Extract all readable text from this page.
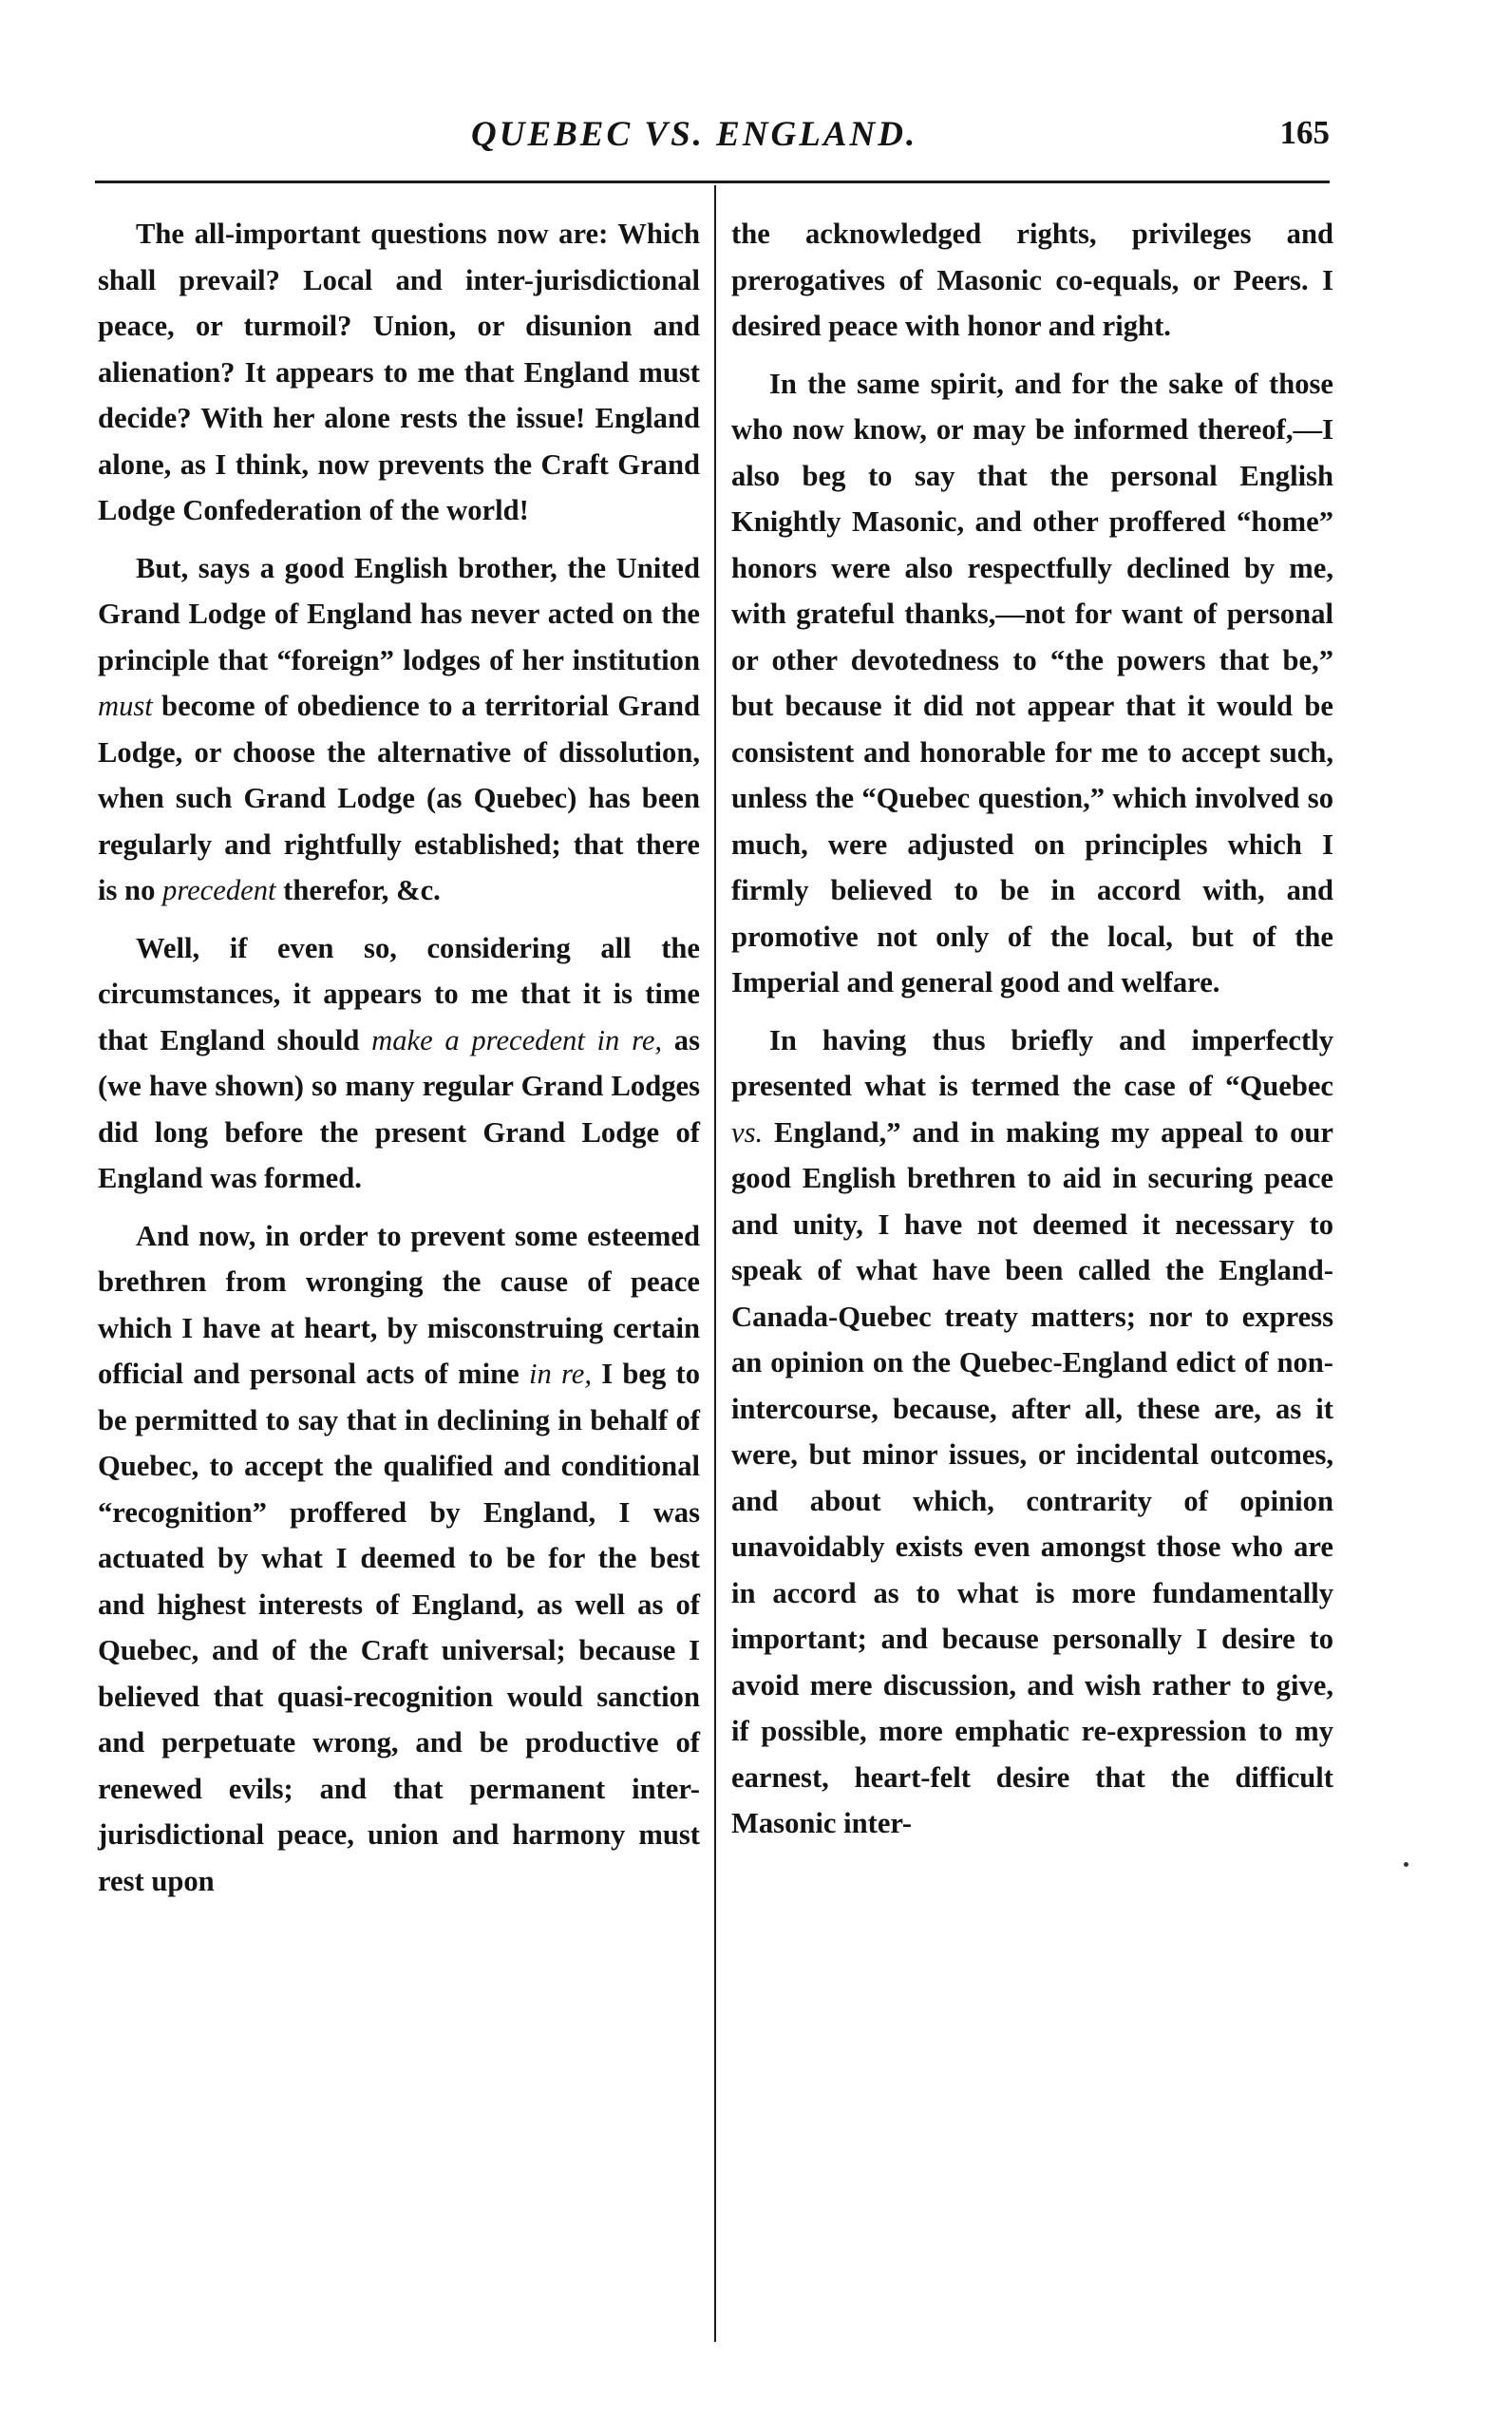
QUEBEC VS. ENGLAND.	165

The all-important questions now are: Which shall prevail? Local and inter-jurisdictional peace, or turmoil? Union, or disunion and alienation? It appears to me that England must decide? With her alone rests the issue! England alone, as I think, now prevents the Craft Grand Lodge Confederation of the world!

But, says a good English brother, the United Grand Lodge of England has never acted on the principle that “foreign” lodges of her institution must become of obedience to a territorial Grand Lodge, or choose the alternative of dissolution, when such Grand Lodge (as Quebec) has been regularly and rightfully established; that there is no precedent therefor, &c.

Well, if even so, considering all the circumstances, it appears to me that it is time that England should make a precedent in re, as (we have shown) so many regular Grand Lodges did long before the present Grand Lodge of England was formed.

And now, in order to prevent some esteemed brethren from wronging the cause of peace which I have at heart, by misconstruing certain official and personal acts of mine in re, I beg to be permitted to say that in declining in behalf of Quebec, to accept the qualified and conditional “recognition” proffered by England, I was actuated by what I deemed to be for the best and highest interests of England, as well as of Quebec, and of the Craft universal; because I believed that quasi-recognition would sanction and perpetuate wrong, and be productive of renewed evils; and that permanent inter-jurisdictional peace, union and harmony must rest upon

the acknowledged rights, privileges and prerogatives of Masonic co-equals, or Peers. I desired peace with honor and right.

In the same spirit, and for the sake of those who now know, or may be informed thereof,—I also beg to say that the personal English Knightly Masonic, and other proffered “home” honors were also respectfully declined by me, with grateful thanks,—not for want of personal or other devotedness to “the powers that be,” but because it did not appear that it would be consistent and honorable for me to accept such, unless the “Quebec question,” which involved so much, were adjusted on principles which I firmly believed to be in accord with, and promotive not only of the local, but of the Imperial and general good and welfare.

In having thus briefly and imperfectly presented what is termed the case of “Quebec vs. England,” and in making my appeal to our good English brethren to aid in securing peace and unity, I have not deemed it necessary to speak of what have been called the England-Canada-Quebec treaty matters; nor to express an opinion on the Quebec-England edict of non-intercourse, because, after all, these are, as it were, but minor issues, or incidental outcomes, and about which, contrarity of opinion unavoidably exists even amongst those who are in accord as to what is more fundamentally important; and because personally I desire to avoid mere discussion, and wish rather to give, if possible, more emphatic re-expression to my earnest, heart-felt desire that the difficult Masonic inter-
